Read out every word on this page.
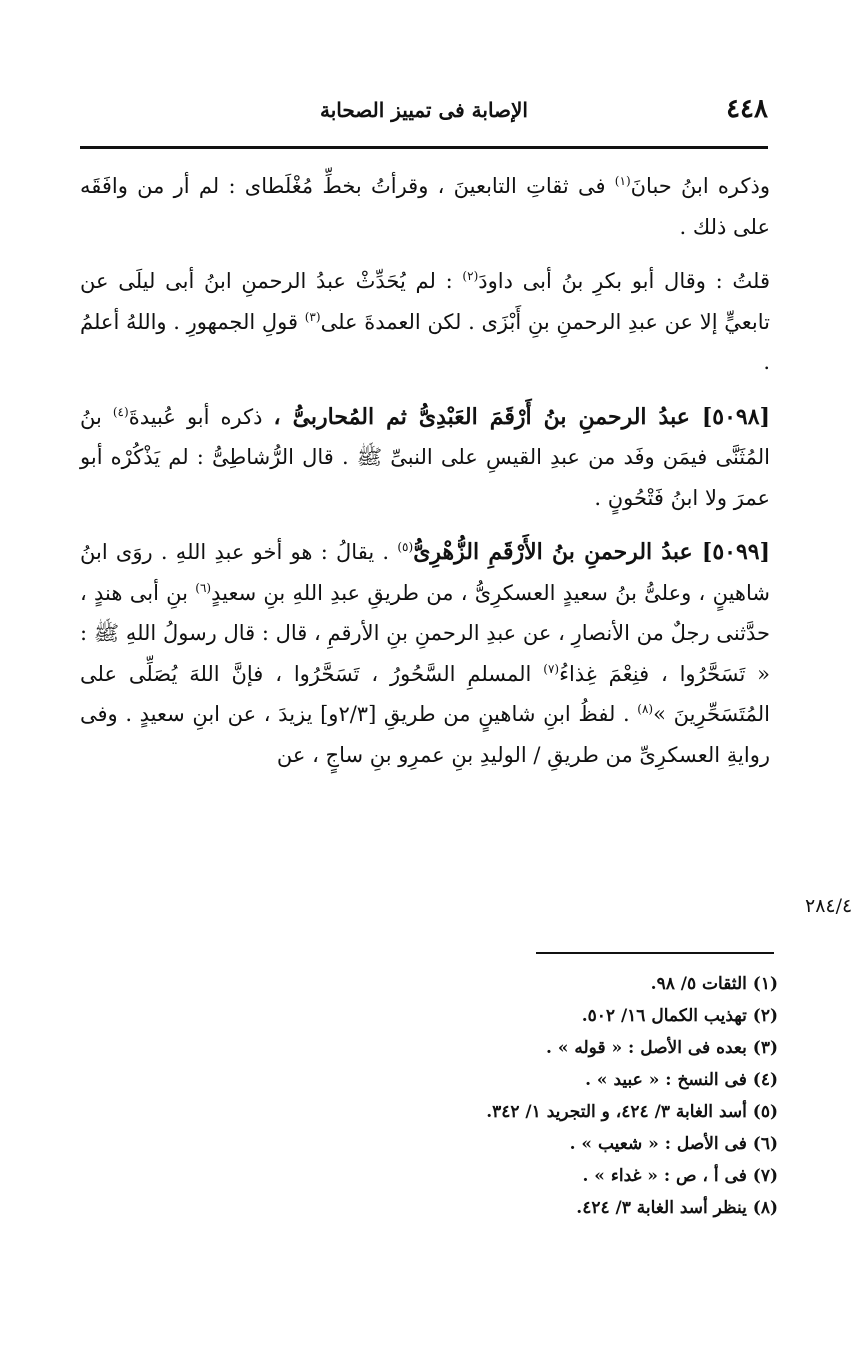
٤٤٨
الإصابة فى تمييز الصحابة

وذكره ابنُ حبانَ$^{(١)}$ فى ثقاتِ التابعينَ ، وقرأتُ بخطِّ مُغْلَطاى : لم أر من وافَقَه على ذلك .

قلتُ : وقال أبو بكرِ بنُ أبى داودَ$^{(٢)}$ : لم يُحَدِّثْ عبدُ الرحمنِ ابنُ أبى ليلَى عن تابعيٍّ إلا عن عبدِ الرحمنِ بنِ أَبْزَى . لكن العمدةَ على$^{(٣)}$ قولِ الجمهورِ . واللهُ أعلمُ .

[٥٠٩٨] عبدُ الرحمنِ بنُ أَرْقَمَ العَبْدِىُّ ثم المُحاربىُّ ، ذكره أبو عُبيدةَ$^{(٤)}$ بنُ المُثَنَّى فيمَن وفَد من عبدِ القيسِ على النبىِّ ﷺ . قال الرُّشاطِىُّ : لم يَذْكُرْه أبو عمرَ ولا ابنُ فَتْحُونٍ .

[٥٠٩٩] عبدُ الرحمنِ بنُ الأَرْقَمِ الزُّهْرِىُّ$^{(٥)}$ . يقالُ : هو أخو عبدِ اللهِ . روَى ابنُ شاهينٍ ، وعلىُّ بنُ سعيدٍ العسكرِىُّ ، من طريقِ عبدِ اللهِ بنِ سعيدٍ$^{(٦)}$ بنِ أبى هندٍ ، حدَّثنى رجلٌ من الأنصارِ ، عن عبدِ الرحمنِ بنِ الأرقمِ ، قال : قال رسولُ اللهِ ﷺ : « تَسَحَّرُوا ، فنِعْمَ غِذاءُ$^{(٧)}$ المسلمِ السَّحُورُ ، تَسَحَّرُوا ، فإنَّ اللهَ يُصَلِّى على المُتَسَحِّرِينَ »$^{(٨)}$ . لفظُ ابنِ شاهينٍ من طريقِ [٢/٣و] يزيدَ ، عن ابنِ سعيدٍ . وفى روايةِ العسكرِىِّ من طريقِ / الوليدِ بنِ عمرِو بنِ ساجٍ ، عن

٢٨٤/٤
(١) الثقات ٥/ ٩٨.
(٢) تهذيب الكمال ١٦/ ٥٠٢.
(٣) بعده فى الأصل : « قوله » .
(٤) فى النسخ : « عبيد » .
(٥) أسد الغابة ٣/ ٤٢٤، و التجريد ١/ ٣٤٢.
(٦) فى الأصل : « شعيب » .
(٧) فى أ ، ص : « غداء » .
(٨) ينظر أسد الغابة ٣/ ٤٢٤.
